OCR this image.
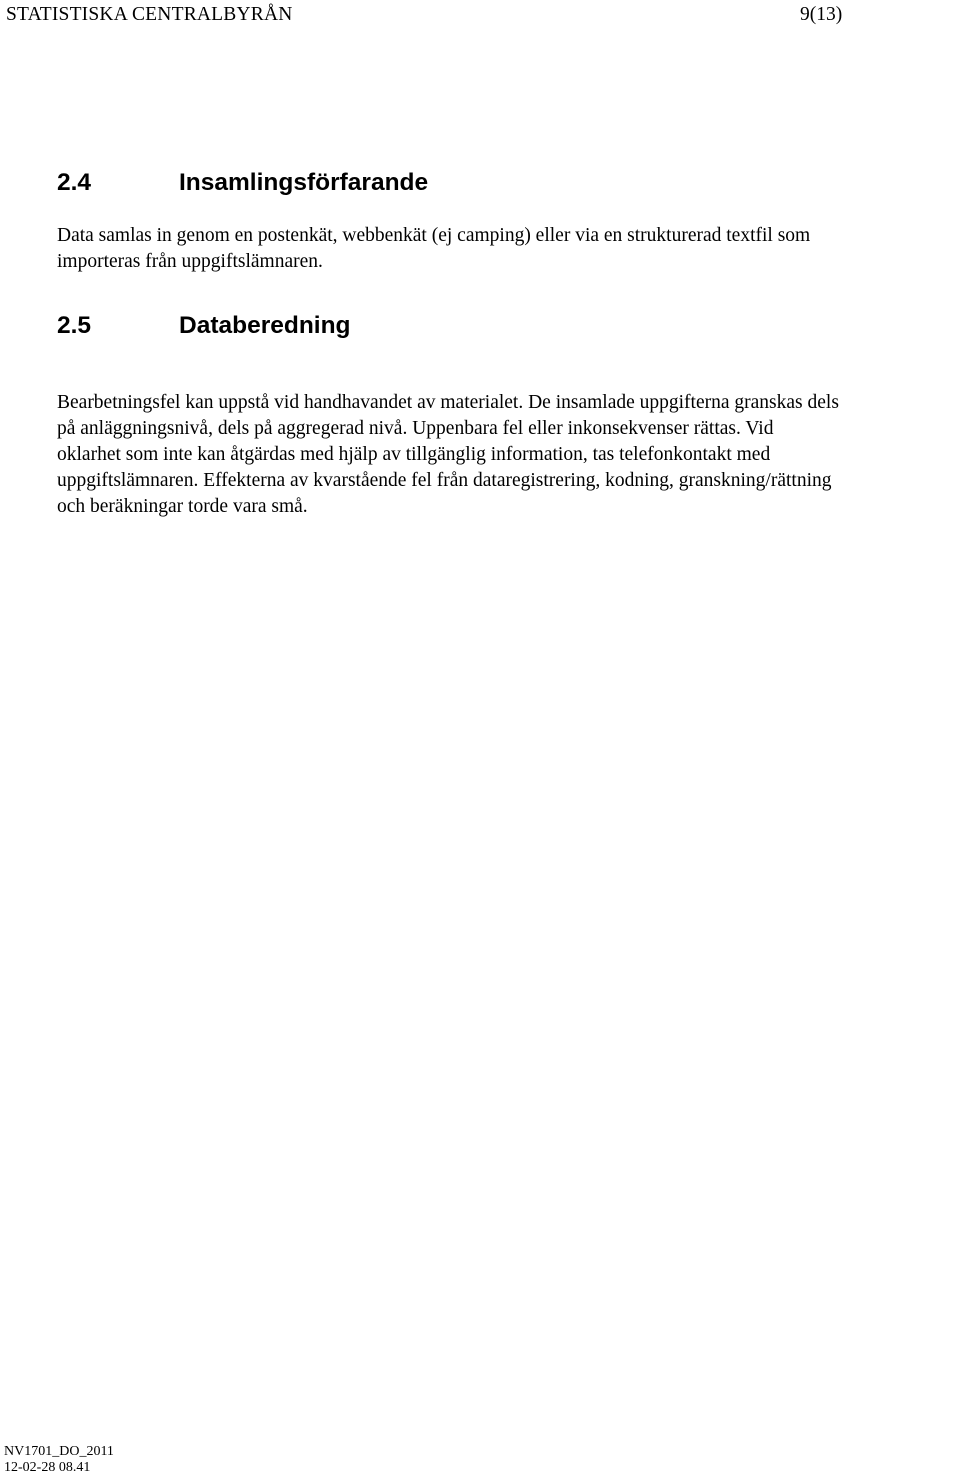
STATISTISKA CENTRALBYRÅN	9(13)
2.4	Insamlingsförfarande
Data samlas in genom en postenkät, webbenkät (ej camping) eller via en strukturerad textfil som
importeras från uppgiftslämnaren.
2.5	Databeredning
Bearbetningsfel kan uppstå vid handhavandet av materialet. De insamlade uppgifterna granskas dels
på anläggningsnivå, dels på aggregerad nivå. Uppenbara fel eller inkonsekvenser rättas. Vid
oklarhet som inte kan åtgärdas med hjälp av tillgänglig information, tas telefonkontakt med
uppgiftslämnaren. Effekterna av kvarstående fel från dataregistrering, kodning, granskning/rättning
och beräkningar torde vara små.
NV1701_DO_2011
12-02-28 08.41
